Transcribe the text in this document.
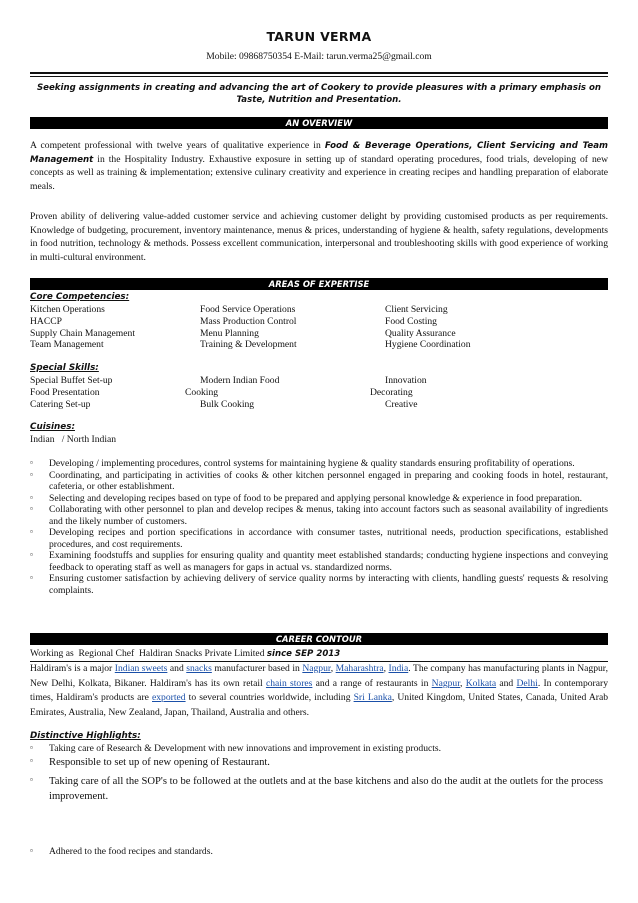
TARUN VERMA
Mobile: 09868750354 E-Mail: tarun.verma25@gmail.com
Seeking assignments in creating and advancing the art of Cookery to provide pleasures with a primary emphasis on Taste, Nutrition and Presentation.
AN OVERVIEW
A competent professional with twelve years of qualitative experience in Food & Beverage Operations, Client Servicing and Team Management in the Hospitality Industry. Exhaustive exposure in setting up of standard operating procedures, food trials, developing of new concepts as well as training & implementation; extensive culinary creativity and experience in creating recipes and handling preparation of elaborate meals.
Proven ability of delivering value-added customer service and achieving customer delight by providing customised products as per requirements. Knowledge of budgeting, procurement, inventory maintenance, menus & prices, understanding of hygiene & health, safety regulations, developments in food nutrition, technology & methods. Possess excellent communication, interpersonal and troubleshooting skills with good experience of working in multi-cultural environment.
AREAS OF EXPERTISE
Core Competencies:
Kitchen Operations	Food Service Operations	Client Servicing
HACCP	Mass Production Control	Food Costing
Supply Chain Management	Menu Planning	Quality Assurance
Team Management	Training & Development	Hygiene Coordination
Special Skills:
Special Buffet Set-up	Modern Indian Food	Innovation
Food Presentation	Cooking	Decorating
Catering Set-up	Bulk Cooking	Creative
Cuisines:
Indian   / North Indian
▫ Developing / implementing procedures, control systems for maintaining hygiene & quality standards ensuring profitability of operations.
▫ Coordinating, and participating in activities of cooks & other kitchen personnel engaged in preparing and cooking foods in hotel, restaurant, cafeteria, or other establishment.
▫ Selecting and developing recipes based on type of food to be prepared and applying personal knowledge & experience in food preparation.
▫ Collaborating with other personnel to plan and develop recipes & menus, taking into account factors such as seasonal availability of ingredients and the likely number of customers.
▫ Developing recipes and portion specifications in accordance with consumer tastes, nutritional needs, production specifications, established procedures, and cost requirements.
▫ Examining foodstuffs and supplies for ensuring quality and quantity meet established standards; conducting hygiene inspections and conveying feedback to operating staff as well as managers for gaps in actual vs. standardized norms.
▫ Ensuring customer satisfaction by achieving delivery of service quality norms by interacting with clients, handling guests' requests & resolving complaints.
CAREER CONTOUR
Working as  Regional Chef  Haldiran Snacks Private Limited since SEP 2013
Haldiram's is a major Indian sweets and snacks manufacturer based in Nagpur, Maharashtra, India. The company has manufacturing plants in Nagpur, New Delhi, Kolkata, Bikaner. Haldiram's has its own retail chain stores and a range of restaurants in Nagpur, Kolkata and Delhi. In contemporary times, Haldiram's products are exported to several countries worldwide, including Sri Lanka, United Kingdom, United States, Canada, United Arab Emirates, Australia, New Zealand, Japan, Thailand, Australia and others.
Distinctive Highlights:
▫ Taking care of Research & Development with new innovations and improvement in existing products.
▫ Responsible to set up of new opening of Restaurant.
▫ Taking care of all the SOP's to be followed at the outlets and at the base kitchens and also do the audit at the outlets for the process improvement.
▫ Adhered to the food recipes and standards.
